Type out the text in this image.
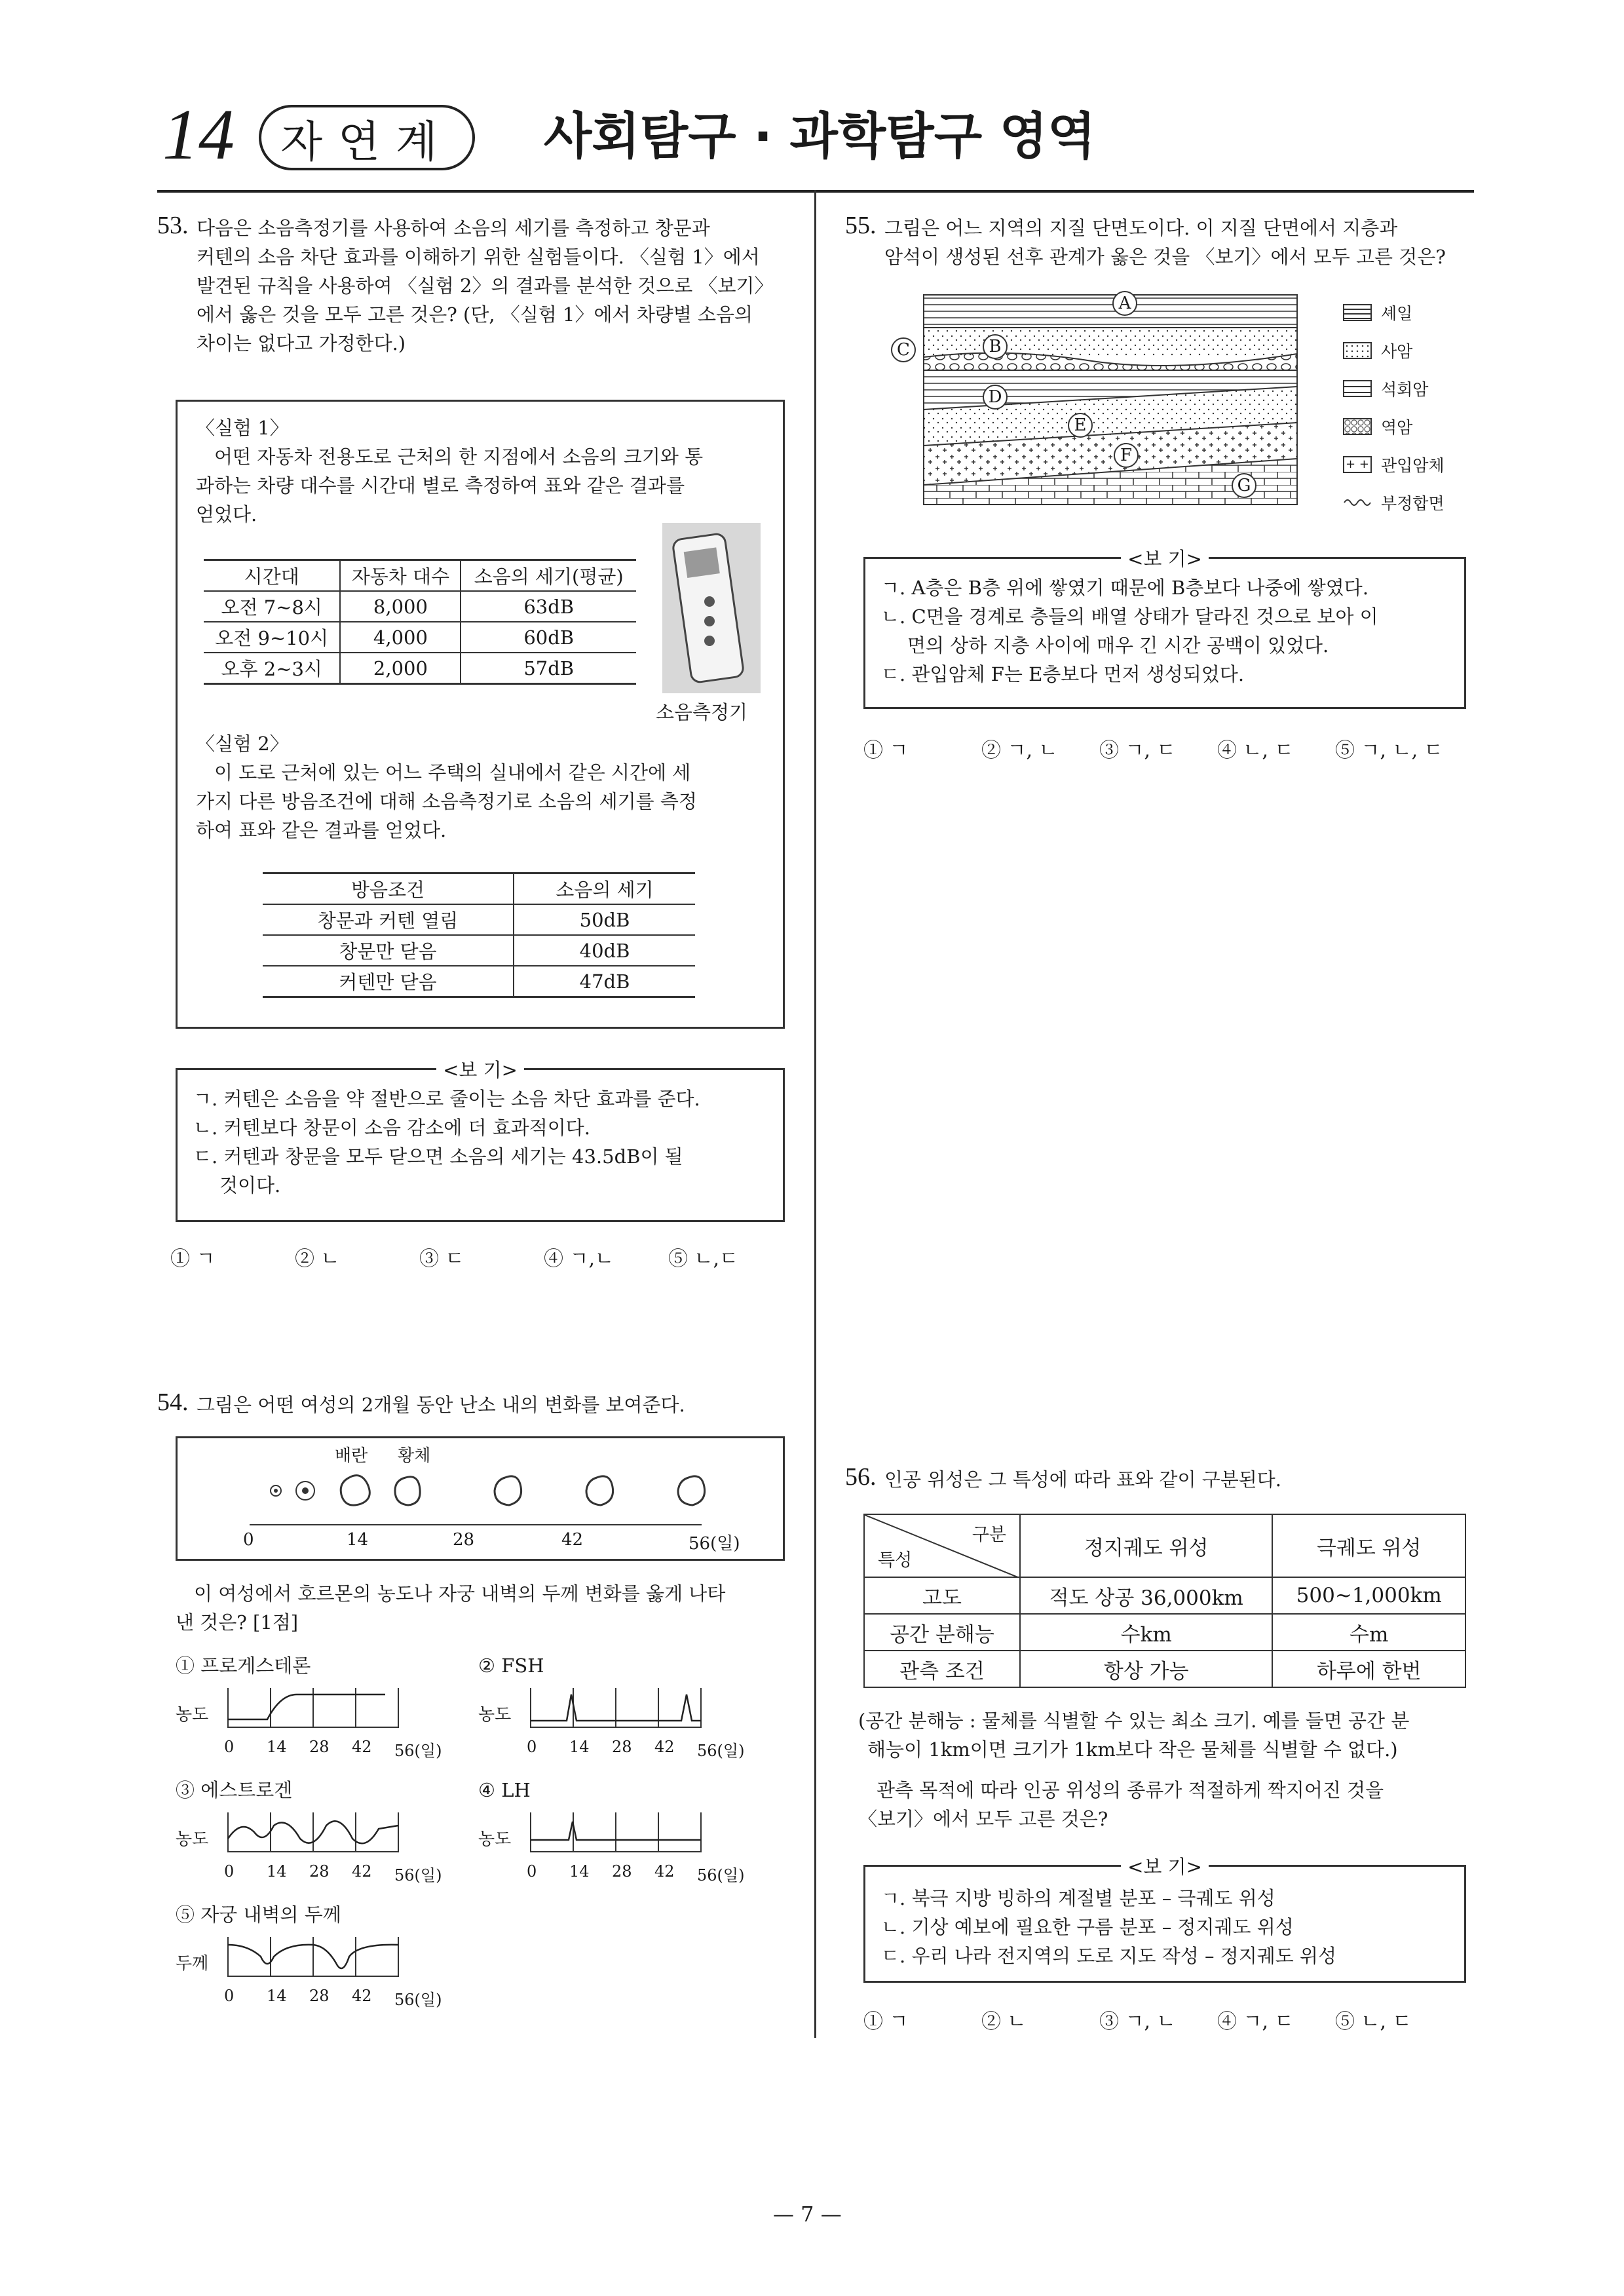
14	자연계	사회탐구 · 과학탐구 영역
53. 다음은 소음측정기를 사용하여 소음의 세기를 측정하고 창문과
커텐의 소음 차단 효과를 이해하기 위한 실험들이다. 〈실험 1〉에서
발견된 규칙을 사용하여 〈실험 2〉의 결과를 분석한 것으로 〈보기〉
에서 옳은 것을 모두 고른 것은? (단, 〈실험 1〉에서 차량별 소음의
차이는 없다고 가정한다.)
〈실험 1〉
어떤 자동차 전용도로 근처의 한 지점에서 소음의 크기와 통
과하는 차량 대수를 시간대 별로 측정하여 표와 같은 결과를
얻었다.
시간대	자동차 대수	소음의 세기(평균)
오전 7~8시	8,000	63dB
오전 9~10시	4,000	60dB
오후 2~3시	2,000	57dB
소음측정기
〈실험 2〉
이 도로 근처에 있는 어느 주택의 실내에서 같은 시간에 세
가지 다른 방음조건에 대해 소음측정기로 소음의 세기를 측정
하여 표와 같은 결과를 얻었다.
방음조건	소음의 세기
창문과 커텐 열림	50dB
창문만 닫음	40dB
커텐만 닫음	47dB
<보 기>
ㄱ. 커텐은 소음을 약 절반으로 줄이는 소음 차단 효과를 준다.
ㄴ. 커텐보다 창문이 소음 감소에 더 효과적이다.
ㄷ. 커텐과 창문을 모두 닫으면 소음의 세기는 43.5dB이 될
것이다.
① ㄱ	② ㄴ	③ ㄷ	④ ㄱ,ㄴ	⑤ ㄴ,ㄷ
54. 그림은 어떤 여성의 2개월 동안 난소 내의 변화를 보여준다.
배란 황체
0	14	28	42	56(일)
이 여성에서 호르몬의 농도나 자궁 내벽의 두께 변화를 옳게 나타
낸 것은? [1점]
① 프로게스테론
농도
0 14 28 42 56(일)
② FSH
농도
0 14 28 42 56(일)
③ 에스트로겐
농도
0 14 28 42 56(일)
④ LH
농도
0 14 28 42 56(일)
⑤ 자궁 내벽의 두께
두께
0 14 28 42 56(일)
55. 그림은 어느 지역의 지질 단면도이다. 이 지질 단면에서 지층과
암석이 생성된 선후 관계가 옳은 것을 〈보기〉에서 모두 고른 것은?
A
B
C
D
E
F
G
셰일
사암
석회암
역암
+ + 관입암체
부정합면
<보 기>
ㄱ. A층은 B층 위에 쌓였기 때문에 B층보다 나중에 쌓였다.
ㄴ. C면을 경계로 층들의 배열 상태가 달라진 것으로 보아 이
면의 상하 지층 사이에 매우 긴 시간 공백이 있었다.
ㄷ. 관입암체 F는 E층보다 먼저 생성되었다.
① ㄱ	② ㄱ, ㄴ	③ ㄱ, ㄷ	④ ㄴ, ㄷ	⑤ ㄱ, ㄴ, ㄷ
56. 인공 위성은 그 특성에 따라 표와 같이 구분된다.
구분
특성	정지궤도 위성	극궤도 위성
고도	적도 상공 36,000km	500~1,000km
공간 분해능	수km	수m
관측 조건	항상 가능	하루에 한번
(공간 분해능 : 물체를 식별할 수 있는 최소 크기. 예를 들면 공간 분
해능이 1km이면 크기가 1km보다 작은 물체를 식별할 수 없다.)
관측 목적에 따라 인공 위성의 종류가 적절하게 짝지어진 것을
〈보기〉에서 모두 고른 것은?
<보 기>
ㄱ. 북극 지방 빙하의 계절별 분포 – 극궤도 위성
ㄴ. 기상 예보에 필요한 구름 분포 – 정지궤도 위성
ㄷ. 우리 나라 전지역의 도로 지도 작성 – 정지궤도 위성
① ㄱ	② ㄴ	③ ㄱ, ㄴ	④ ㄱ, ㄷ	⑤ ㄴ, ㄷ
— 7 —
